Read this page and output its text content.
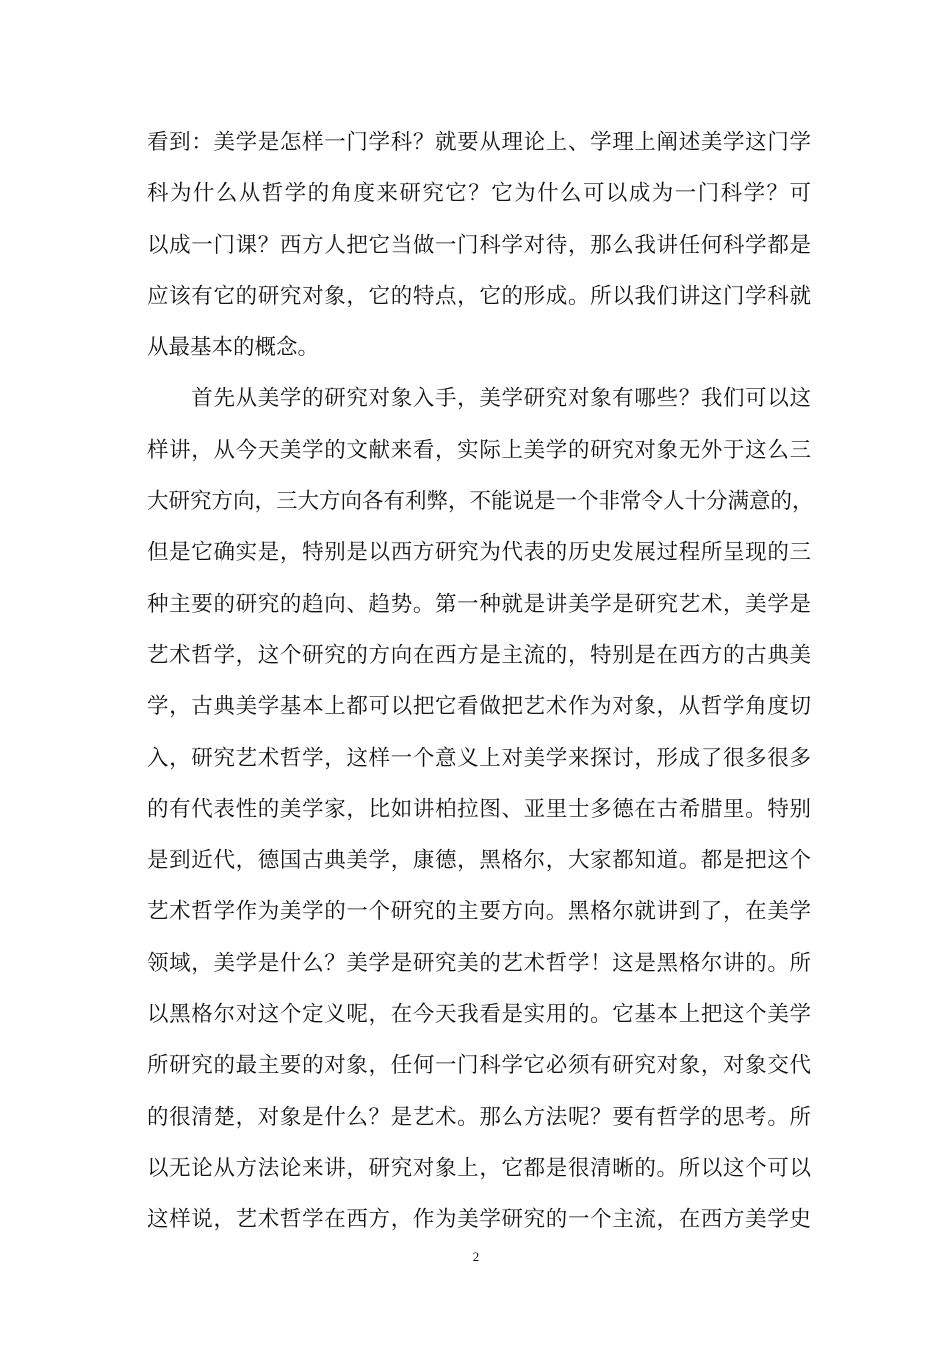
看到：美学是怎样一门学科？就要从理论上、学理上阐述美学这门学
科为什么从哲学的角度来研究它？它为什么可以成为一门科学？可
以成一门课？西方人把它当做一门科学对待，那么我讲任何科学都是
应该有它的研究对象，它的特点，它的形成。所以我们讲这门学科就
从最基本的概念。
　　首先从美学的研究对象入手，美学研究对象有哪些？我们可以这
样讲，从今天美学的文献来看，实际上美学的研究对象无外于这么三
大研究方向，三大方向各有利弊，不能说是一个非常令人十分满意的，
但是它确实是，特别是以西方研究为代表的历史发展过程所呈现的三
种主要的研究的趋向、趋势。第一种就是讲美学是研究艺术，美学是
艺术哲学，这个研究的方向在西方是主流的，特别是在西方的古典美
学，古典美学基本上都可以把它看做把艺术作为对象，从哲学角度切
入，研究艺术哲学，这样一个意义上对美学来探讨，形成了很多很多
的有代表性的美学家，比如讲柏拉图、亚里士多德在古希腊里。特别
是到近代，德国古典美学，康德，黑格尔，大家都知道。都是把这个
艺术哲学作为美学的一个研究的主要方向。黑格尔就讲到了，在美学
领域，美学是什么？美学是研究美的艺术哲学！这是黑格尔讲的。所
以黑格尔对这个定义呢，在今天我看是实用的。它基本上把这个美学
所研究的最主要的对象，任何一门科学它必须有研究对象，对象交代
的很清楚，对象是什么？是艺术。那么方法呢？要有哲学的思考。所
以无论从方法论来讲，研究对象上，它都是很清晰的。所以这个可以
这样说，艺术哲学在西方，作为美学研究的一个主流，在西方美学史
2
